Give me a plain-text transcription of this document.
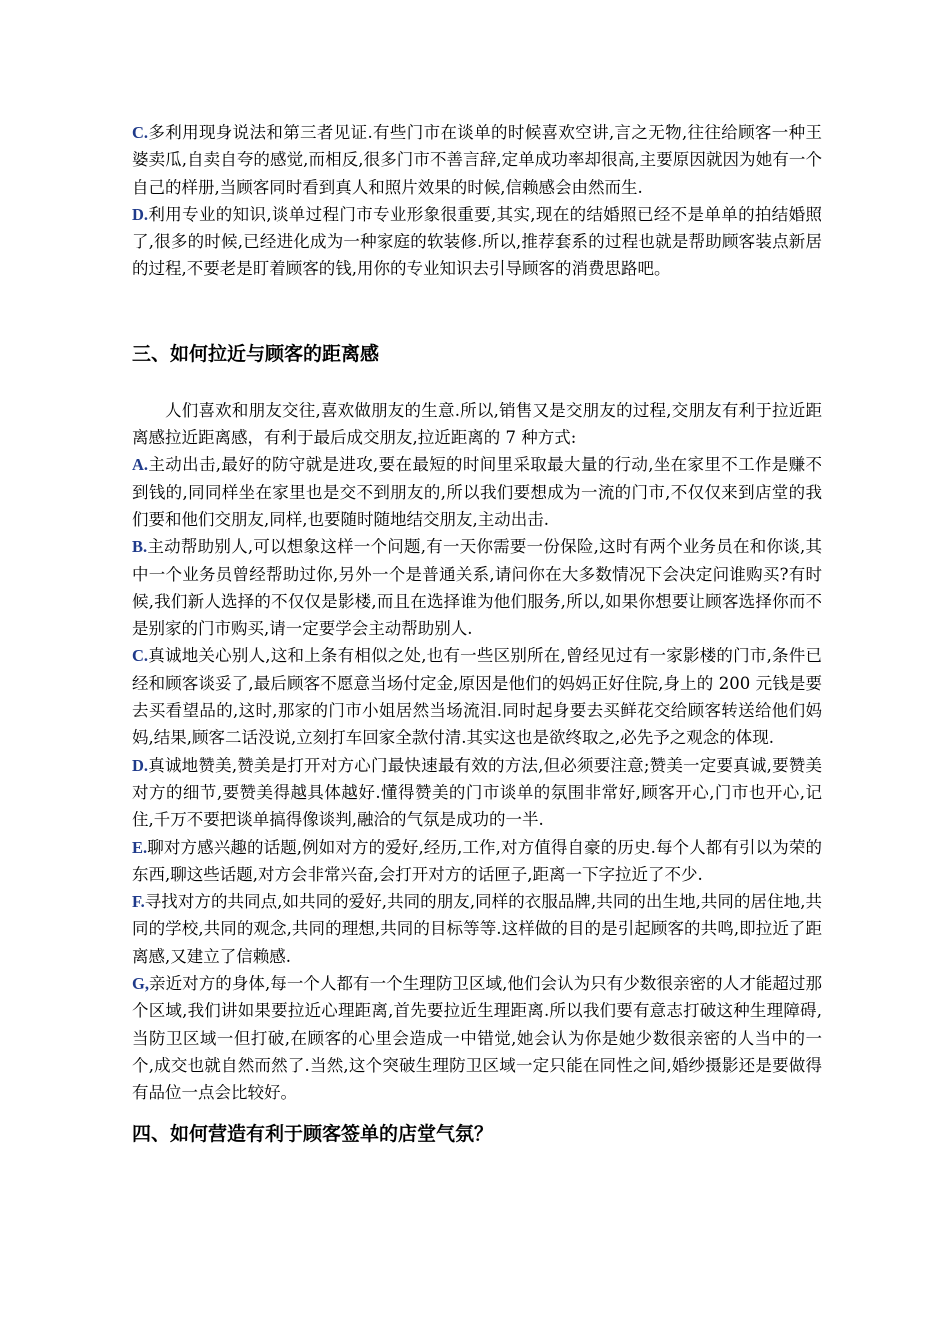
C.多利用现身说法和第三者见证.有些门市在谈单的时候喜欢空讲,言之无物,往往给顾客一种王婆卖瓜,自卖自夸的感觉,而相反,很多门市不善言辞,定单成功率却很高,主要原因就因为她有一个自己的样册,当顾客同时看到真人和照片效果的时候,信赖感会由然而生.

D.利用专业的知识,谈单过程门市专业形象很重要,其实,现在的结婚照已经不是单单的拍结婚照了,很多的时候,已经进化成为一种家庭的软装修.所以,推荐套系的过程也就是帮助顾客装点新居的过程,不要老是盯着顾客的钱,用你的专业知识去引导顾客的消费思路吧。

三、如何拉近与顾客的距离感

人们喜欢和朋友交往,喜欢做朋友的生意.所以,销售又是交朋友的过程,交朋友有利于拉近距离感拉近距离感，有利于最后成交朋友,拉近距离的 7 种方式:

A.主动出击,最好的防守就是进攻,要在最短的时间里采取最大量的行动,坐在家里不工作是赚不到钱的,同同样坐在家里也是交不到朋友的,所以我们要想成为一流的门市,不仅仅来到店堂的我们要和他们交朋友,同样,也要随时随地结交朋友,主动出击.

B.主动帮助别人,可以想象这样一个问题,有一天你需要一份保险,这时有两个业务员在和你谈,其中一个业务员曾经帮助过你,另外一个是普通关系,请问你在大多数情况下会决定问谁购买?有时候,我们新人选择的不仅仅是影楼,而且在选择谁为他们服务,所以,如果你想要让顾客选择你而不是别家的门市购买,请一定要学会主动帮助别人.

C.真诚地关心别人,这和上条有相似之处,也有一些区别所在,曾经见过有一家影楼的门市,条件已经和顾客谈妥了,最后顾客不愿意当场付定金,原因是他们的妈妈正好住院,身上的 200 元钱是要去买看望品的,这时,那家的门市小姐居然当场流泪.同时起身要去买鲜花交给顾客转送给他们妈妈,结果,顾客二话没说,立刻打车回家全款付清.其实这也是欲终取之,必先予之观念的体现.

D.真诚地赞美,赞美是打开对方心门最快速最有效的方法,但必须要注意;赞美一定要真诚,要赞美对方的细节,要赞美得越具体越好.懂得赞美的门市谈单的氛围非常好,顾客开心,门市也开心,记住,千万不要把谈单搞得像谈判,融洽的气氛是成功的一半.

E.聊对方感兴趣的话题,例如对方的爱好,经历,工作,对方值得自豪的历史.每个人都有引以为荣的东西,聊这些话题,对方会非常兴奋,会打开对方的话匣子,距离一下字拉近了不少.

F.寻找对方的共同点,如共同的爱好,共同的朋友,同样的衣服品牌,共同的出生地,共同的居住地,共同的学校,共同的观念,共同的理想,共同的目标等等.这样做的目的是引起顾客的共鸣,即拉近了距离感,又建立了信赖感.

G,亲近对方的身体,每一个人都有一个生理防卫区域,他们会认为只有少数很亲密的人才能超过那个区域,我们讲如果要拉近心理距离,首先要拉近生理距离.所以我们要有意志打破这种生理障碍,当防卫区域一但打破,在顾客的心里会造成一中错觉,她会认为你是她少数很亲密的人当中的一个,成交也就自然而然了.当然,这个突破生理防卫区域一定只能在同性之间,婚纱摄影还是要做得有品位一点会比较好。

四、如何营造有利于顾客签单的店堂气氛？
